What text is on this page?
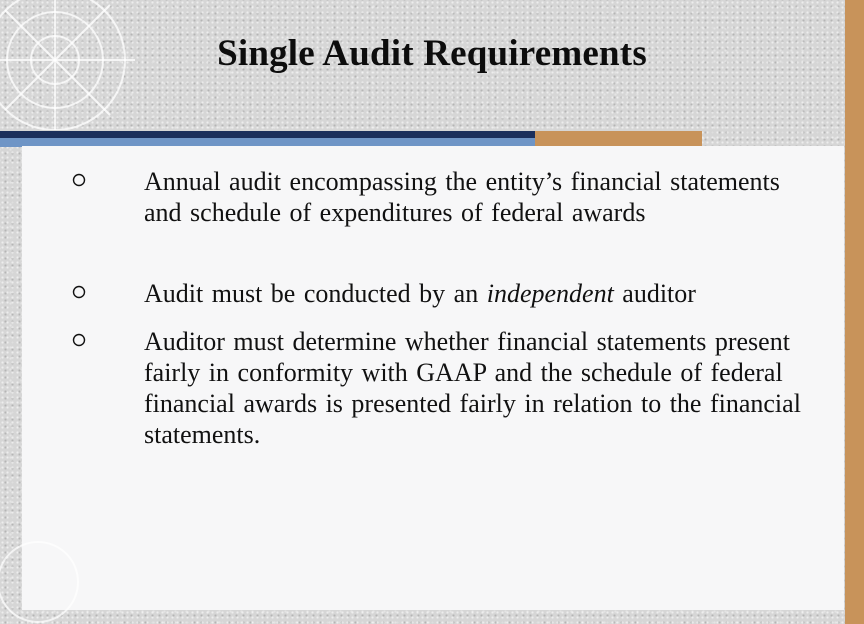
Single Audit Requirements
Annual audit encompassing the entity’s financial statements and schedule of expenditures of federal awards
Audit must be conducted by an independent auditor
Auditor must determine whether financial statements present fairly in conformity with GAAP and the schedule of federal financial awards is presented fairly in relation to the financial statements.
